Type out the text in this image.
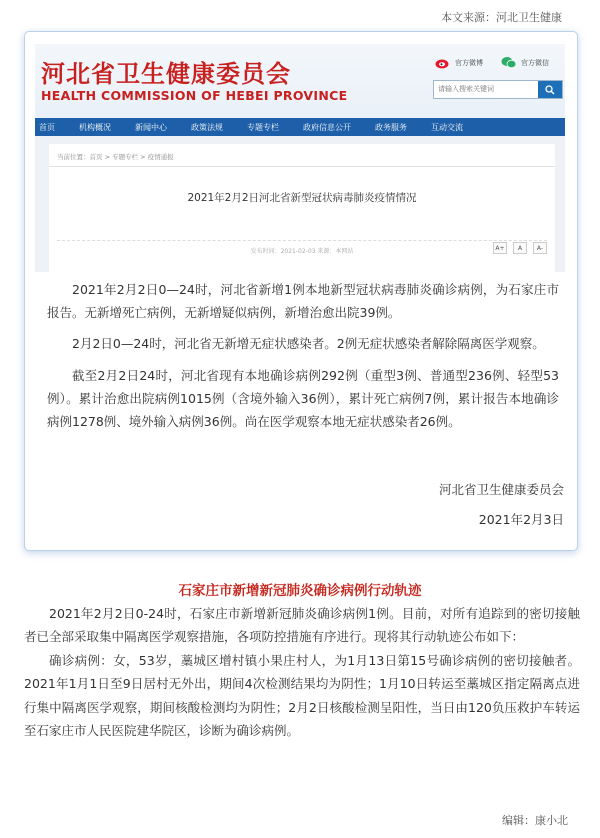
本文来源：河北卫生健康
河北省卫生健康委员会
HEALTH COMMISSION OF HEBEI PROVINCE
官方微博	官方微信
请输入搜索关键词
首页	机构概况	新闻中心	政策法规	专题专栏	政府信息公开	政务服务	互动交流
当前位置：首页 > 专题专栏 > 疫情通报
2021年2月2日河北省新型冠状病毒肺炎疫情情况
发布时间：2021-02-03 来源：本网站	A+	A	A-

2021年2月2日0—24时，河北省新增1例本地新型冠状病毒肺炎确诊病例，为石家庄市报告。无新增死亡病例，无新增疑似病例，新增治愈出院39例。

2月2日0—24时，河北省无新增无症状感染者。2例无症状感染者解除隔离医学观察。

截至2月2日24时，河北省现有本地确诊病例292例（重型3例、普通型236例、轻型53例）。累计治愈出院病例1015例（含境外输入36例），累计死亡病例7例，累计报告本地确诊病例1278例、境外输入病例36例。尚在医学观察本地无症状感染者26例。

河北省卫生健康委员会
2021年2月3日
石家庄市新增新冠肺炎确诊病例行动轨迹

2021年2月2日0-24时，石家庄市新增新冠肺炎确诊病例1例。目前，对所有追踪到的密切接触者已全部采取集中隔离医学观察措施，各项防控措施有序进行。现将其行动轨迹公布如下：

确诊病例：女，53岁，藁城区增村镇小果庄村人，为1月13日第15号确诊病例的密切接触者。2021年1月1日至9日居村无外出，期间4次检测结果均为阴性；1月10日转运至藁城区指定隔离点进行集中隔离医学观察，期间核酸检测均为阴性；2月2日核酸检测呈阳性，当日由120负压救护车转运至石家庄市人民医院建华院区，诊断为确诊病例。

编辑：康小北
